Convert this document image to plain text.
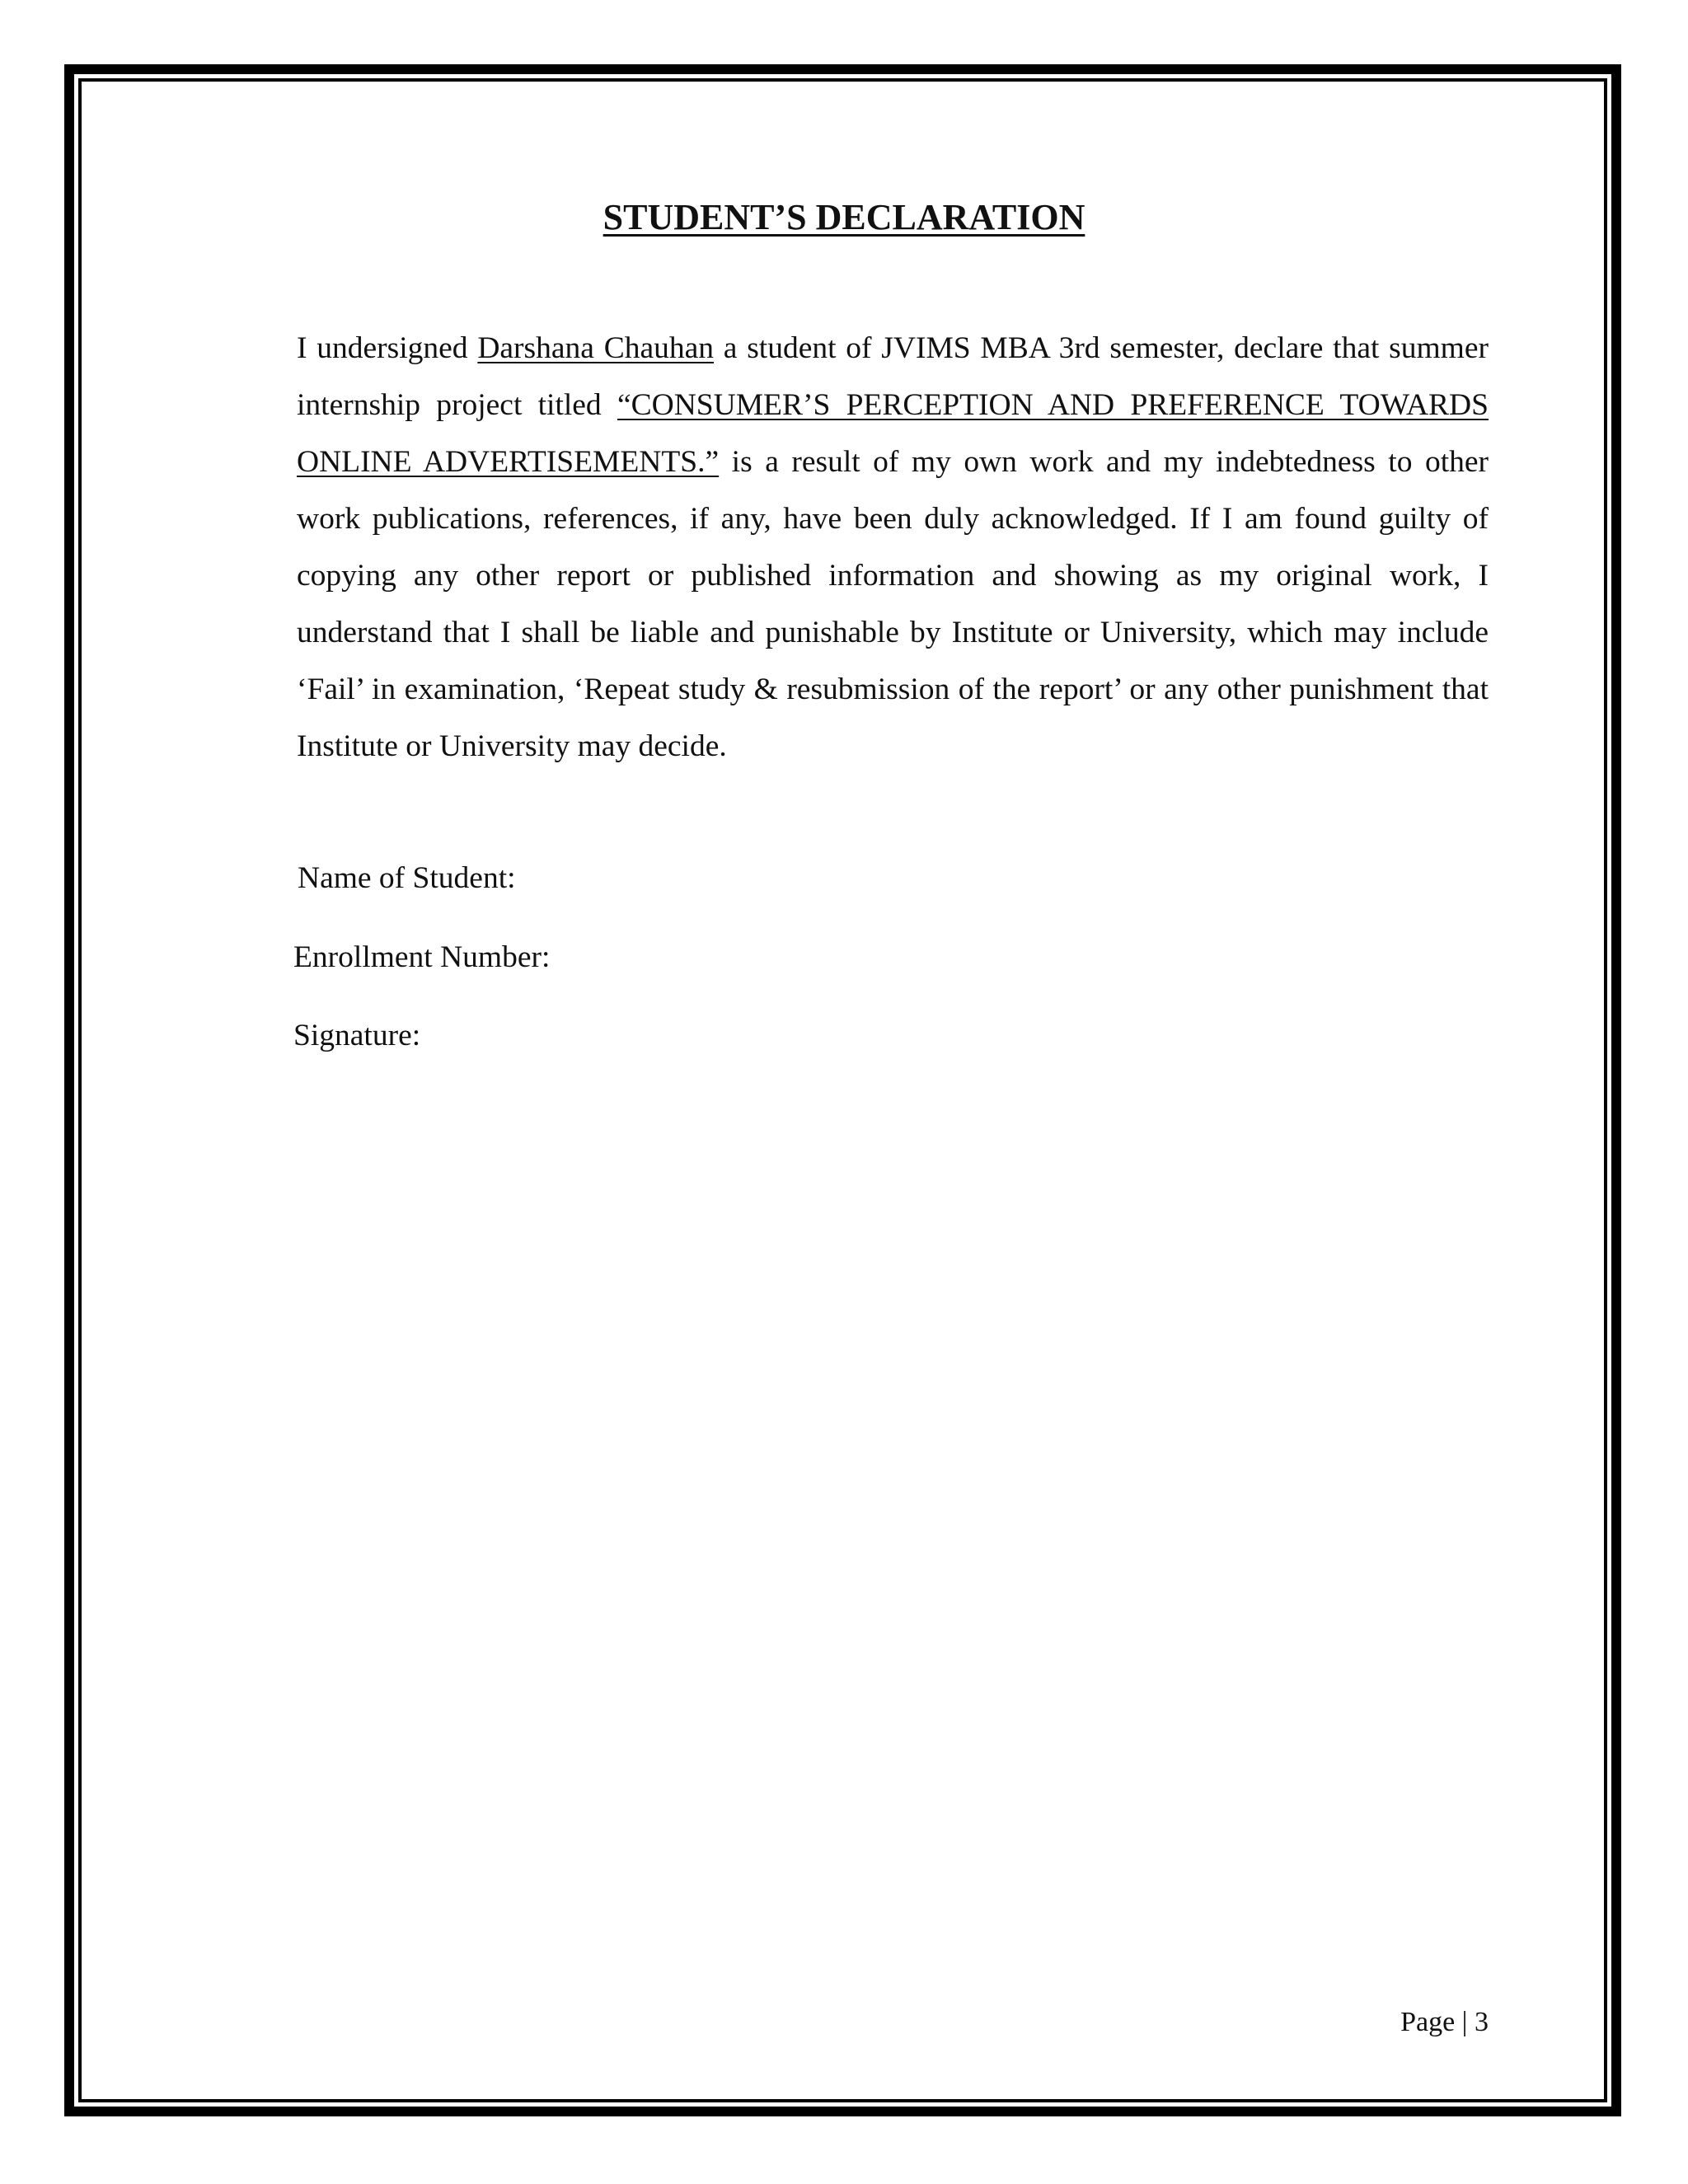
STUDENT’S DECLARATION

I undersigned Darshana Chauhan a student of JVIMS MBA 3rd semester, declare that summer internship project titled “CONSUMER’S PERCEPTION AND PREFERENCE TOWARDS ONLINE ADVERTISEMENTS.” is a result of my own work and my indebtedness to other work publications, references, if any, have been duly acknowledged. If I am found guilty of copying any other report or published information and showing as my original work, I understand that I shall be liable and punishable by Institute or University, which may include ‘Fail’ in examination, ‘Repeat study & resubmission of the report’ or any other punishment that Institute or University may decide.

Name of Student:

Enrollment Number:

Signature:

Page | 3
